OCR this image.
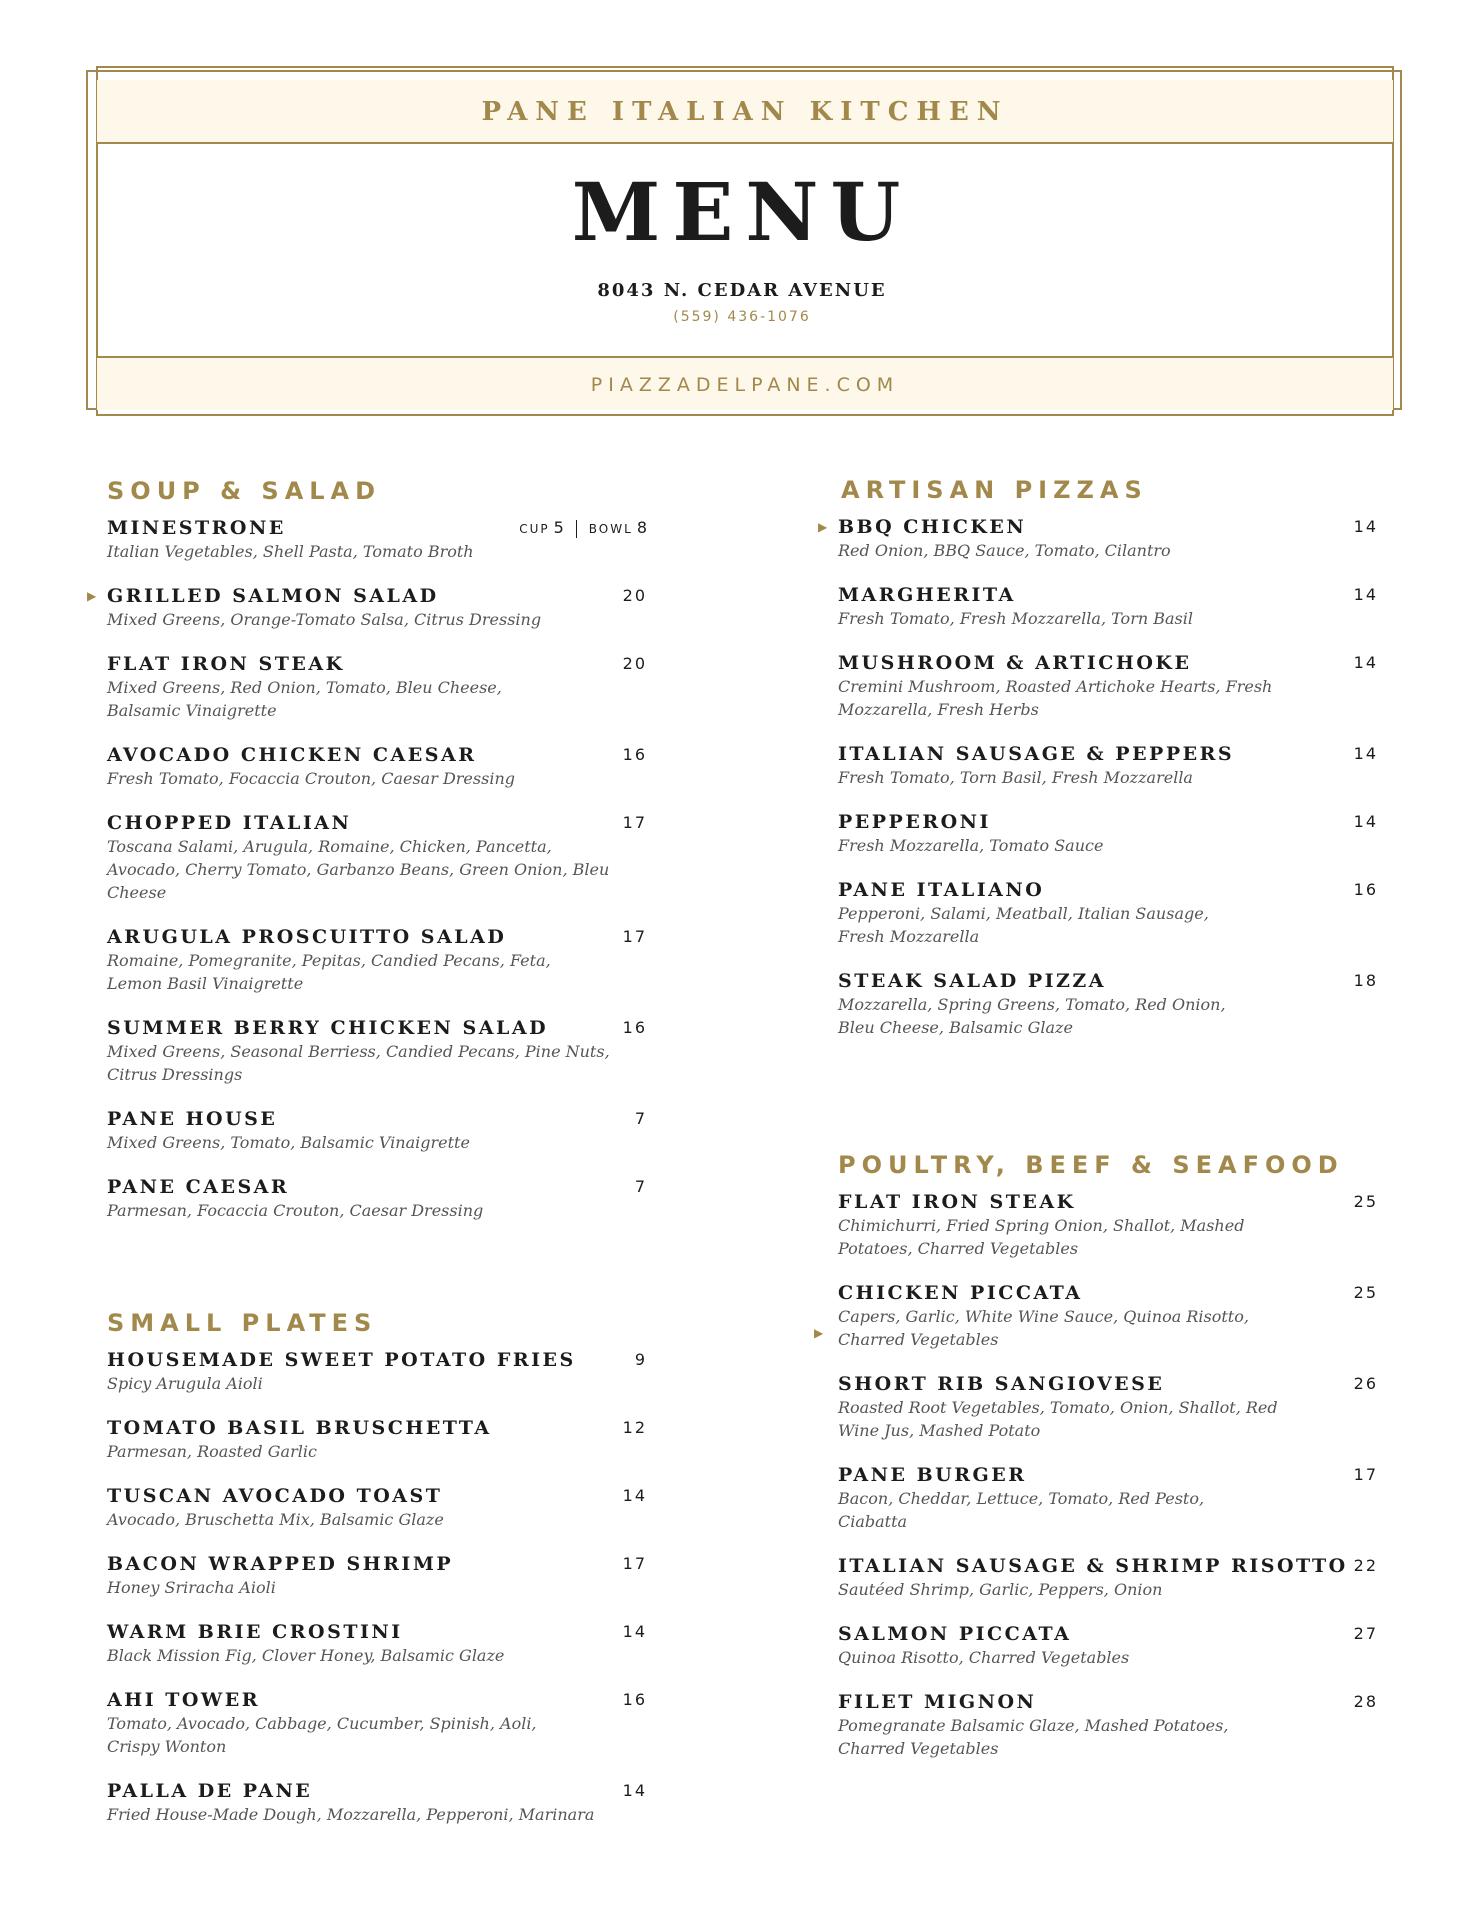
PANE ITALIAN KITCHEN
MENU
8043 N. CEDAR AVENUE
(559) 436-1076
PIAZZADELPANE.COM
SOUP & SALAD
MINESTRONE	CUP 5 BOWL 8
Italian Vegetables, Shell Pasta, Tomato Broth
▶ GRILLED SALMON SALAD	20
Mixed Greens, Orange-Tomato Salsa, Citrus Dressing
FLAT IRON STEAK	20
Mixed Greens, Red Onion, Tomato, Bleu Cheese, Balsamic Vinaigrette
AVOCADO CHICKEN CAESAR	16
Fresh Tomato, Focaccia Crouton, Caesar Dressing
CHOPPED ITALIAN	17
Toscana Salami, Arugula, Romaine, Chicken, Pancetta, Avocado, Cherry Tomato, Garbanzo Beans, Green Onion, Bleu Cheese
ARUGULA PROSCUITTO SALAD	17
Romaine, Pomegranite, Pepitas, Candied Pecans, Feta, Lemon Basil Vinaigrette
SUMMER BERRY CHICKEN SALAD	16
Mixed Greens, Seasonal Berriess, Candied Pecans, Pine Nuts, Citrus Dressings
PANE HOUSE	7
Mixed Greens, Tomato, Balsamic Vinaigrette
PANE CAESAR	7
Parmesan, Focaccia Crouton, Caesar Dressing
SMALL PLATES
HOUSEMADE SWEET POTATO FRIES	9
Spicy Arugula Aioli
TOMATO BASIL BRUSCHETTA	12
Parmesan, Roasted Garlic
TUSCAN AVOCADO TOAST	14
Avocado, Bruschetta Mix, Balsamic Glaze
BACON WRAPPED SHRIMP	17
Honey Sriracha Aioli
WARM BRIE CROSTINI	14
Black Mission Fig, Clover Honey, Balsamic Glaze
AHI TOWER	16
Tomato, Avocado, Cabbage, Cucumber, Spinish, Aoli, Crispy Wonton
PALLA DE PANE	14
Fried House-Made Dough, Mozzarella, Pepperoni, Marinara
ARTISAN PIZZAS
▶ BBQ CHICKEN	14
Red Onion, BBQ Sauce, Tomato, Cilantro
MARGHERITA	14
Fresh Tomato, Fresh Mozzarella, Torn Basil
MUSHROOM & ARTICHOKE	14
Cremini Mushroom, Roasted Artichoke Hearts, Fresh Mozzarella, Fresh Herbs
ITALIAN SAUSAGE & PEPPERS	14
Fresh Tomato, Torn Basil, Fresh Mozzarella
PEPPERONI	14
Fresh Mozzarella, Tomato Sauce
PANE ITALIANO	16
Pepperoni, Salami, Meatball, Italian Sausage, Fresh Mozzarella
STEAK SALAD PIZZA	18
Mozzarella, Spring Greens, Tomato, Red Onion, Bleu Cheese, Balsamic Glaze
POULTRY, BEEF & SEAFOOD
FLAT IRON STEAK	25
Chimichurri, Fried Spring Onion, Shallot, Mashed Potatoes, Charred Vegetables
▶
CHICKEN PICCATA	25
Capers, Garlic, White Wine Sauce, Quinoa Risotto, Charred Vegetables
SHORT RIB SANGIOVESE	26
Roasted Root Vegetables, Tomato, Onion, Shallot, Red Wine Jus, Mashed Potato
PANE BURGER	17
Bacon, Cheddar, Lettuce, Tomato, Red Pesto, Ciabatta
ITALIAN SAUSAGE & SHRIMP RISOTTO 22
Sautéed Shrimp, Garlic, Peppers, Onion
SALMON PICCATA	27
Quinoa Risotto, Charred Vegetables
FILET MIGNON	28
Pomegranate Balsamic Glaze, Mashed Potatoes, Charred Vegetables
